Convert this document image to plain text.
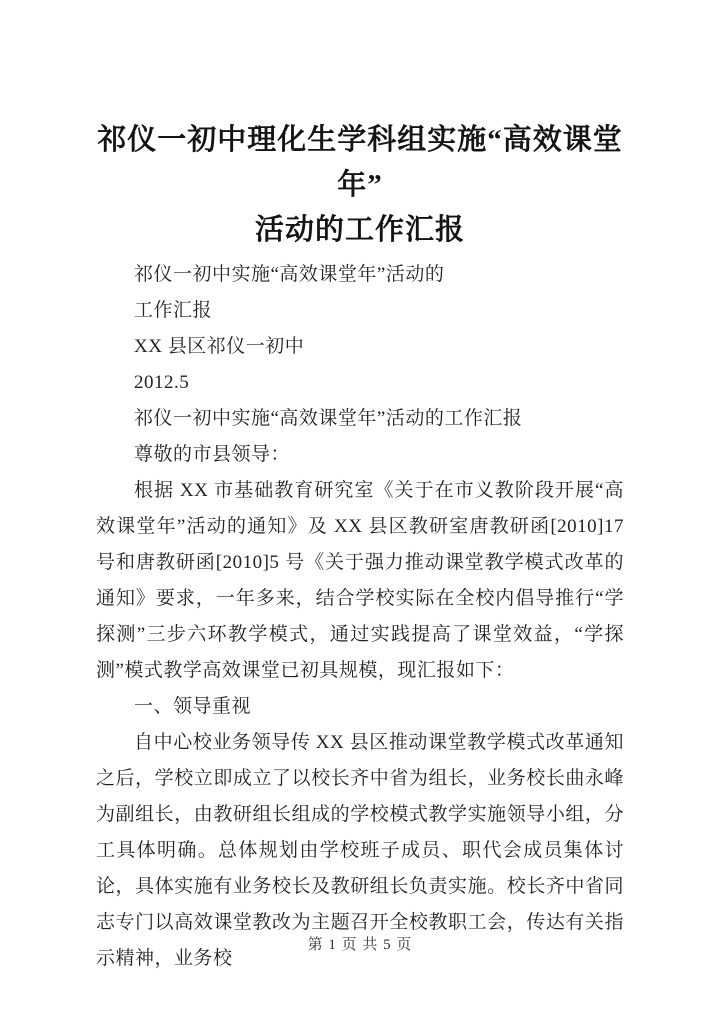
祁仪一初中理化生学科组实施“高效课堂年”
活动的工作汇报

祁仪一初中实施“高效课堂年”活动的

工作汇报

XX 县区祁仪一初中

2012.5

祁仪一初中实施“高效课堂年”活动的工作汇报

尊敬的市县领导：

根据 XX 市基础教育研究室《关于在市义教阶段开展“高效课堂年”活动的通知》及 XX 县区教研室唐教研函[2010]17 号和唐教研函[2010]5 号《关于强力推动课堂教学模式改革的通知》要求，一年多来，结合学校实际在全校内倡导推行“学探测”三步六环教学模式，通过实践提高了课堂效益，“学探测”模式教学高效课堂已初具规模，现汇报如下：

一、领导重视

自中心校业务领导传 XX 县区推动课堂教学模式改革通知之后，学校立即成立了以校长齐中省为组长，业务校长曲永峰为副组长，由教研组长组成的学校模式教学实施领导小组，分工具体明确。总体规划由学校班子成员、职代会成员集体讨论，具体实施有业务校长及教研组长负责实施。校长齐中省同志专门以高效课堂教改为主题召开全校教职工会，传达有关指示精神，业务校

第 1 页 共 5 页
